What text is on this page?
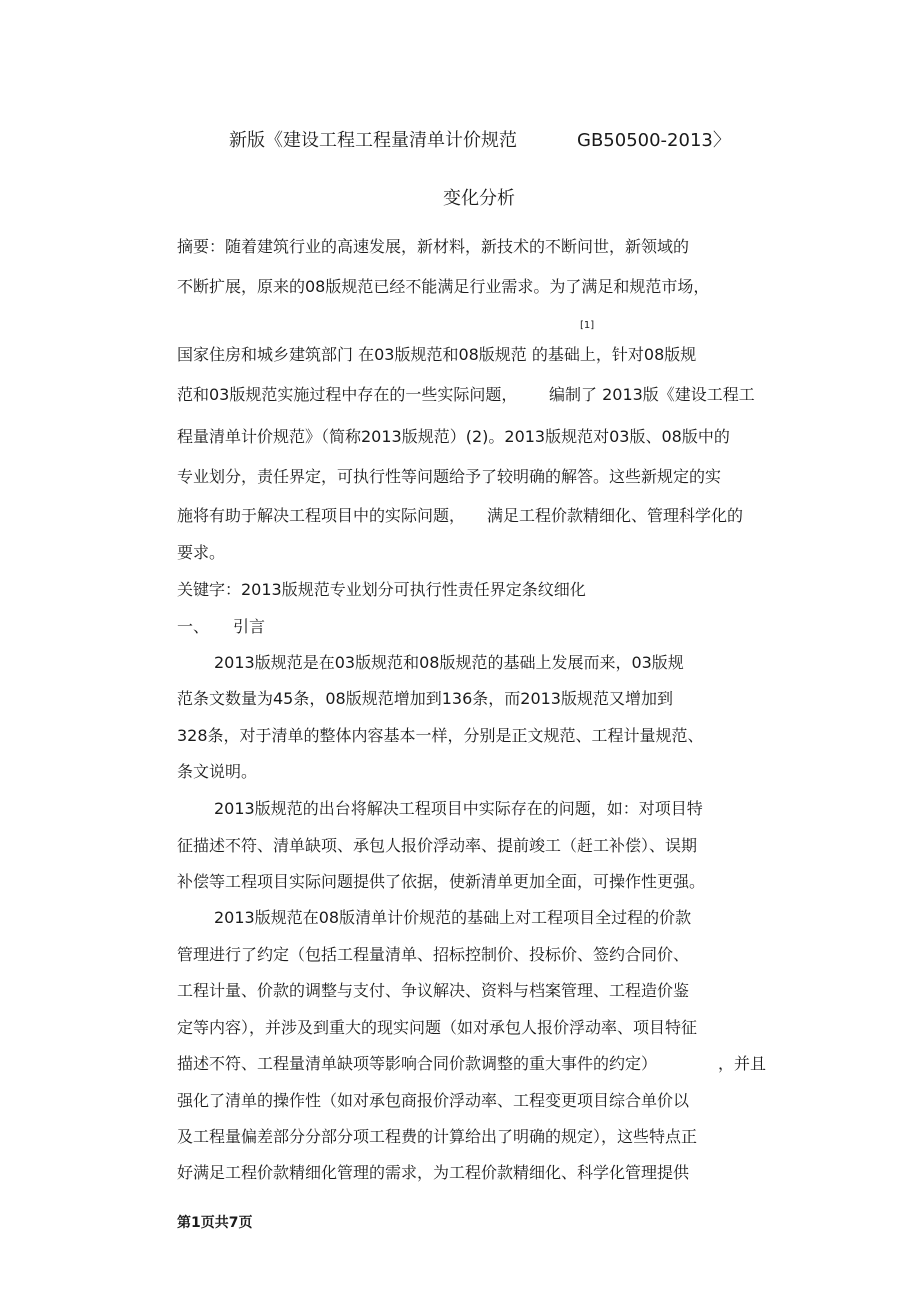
新版《建设工程工程量清单计价规范	GB50500-2013〉
变化分析
摘要：随着建筑行业的高速发展，新材料，新技术的不断问世，新领域的
不断扩展，原来的08版规范已经不能满足行业需求。为了满足和规范市场，
[1]
国家住房和城乡建筑部门 在03版规范和08版规范 的基础上，针对08版规
范和03版规范实施过程中存在的一些实际问题， 编制了 2013版《建设工程工
程量清单计价规范》（简称2013版规范）(2)。2013版规范对03版、08版中的
专业划分，责任界定，可执行性等问题给予了较明确的解答。这些新规定的实
施将有助于解决工程项目中的实际问题， 满足工程价款精细化、管理科学化的
要求。
关键字：2013版规范专业划分可执行性责任界定条纹细化
一、 引言
2013版规范是在03版规范和08版规范的基础上发展而来，03版规
范条文数量为45条，08版规范增加到136条，而2013版规范又增加到
328条，对于清单的整体内容基本一样，分别是正文规范、工程计量规范、
条文说明。
2013版规范的出台将解决工程项目中实际存在的问题，如：对项目特
征描述不符、清单缺项、承包人报价浮动率、提前竣工（赶工补偿）、误期
补偿等工程项目实际问题提供了依据，使新清单更加全面，可操作性更强。
2013版规范在08版清单计价规范的基础上对工程项目全过程的价款
管理进行了约定（包括工程量清单、招标控制价、投标价、签约合同价、
工程计量、价款的调整与支付、争议解决、资料与档案管理、工程造价鉴
定等内容），并涉及到重大的现实问题（如对承包人报价浮动率、项目特征
描述不符、工程量清单缺项等影响合同价款调整的重大事件的约定）	，并且
强化了清单的操作性（如对承包商报价浮动率、工程变更项目综合单价以
及工程量偏差部分分部分项工程费的计算给出了明确的规定），这些特点正
好满足工程价款精细化管理的需求，为工程价款精细化、科学化管理提供
第1页共7页
